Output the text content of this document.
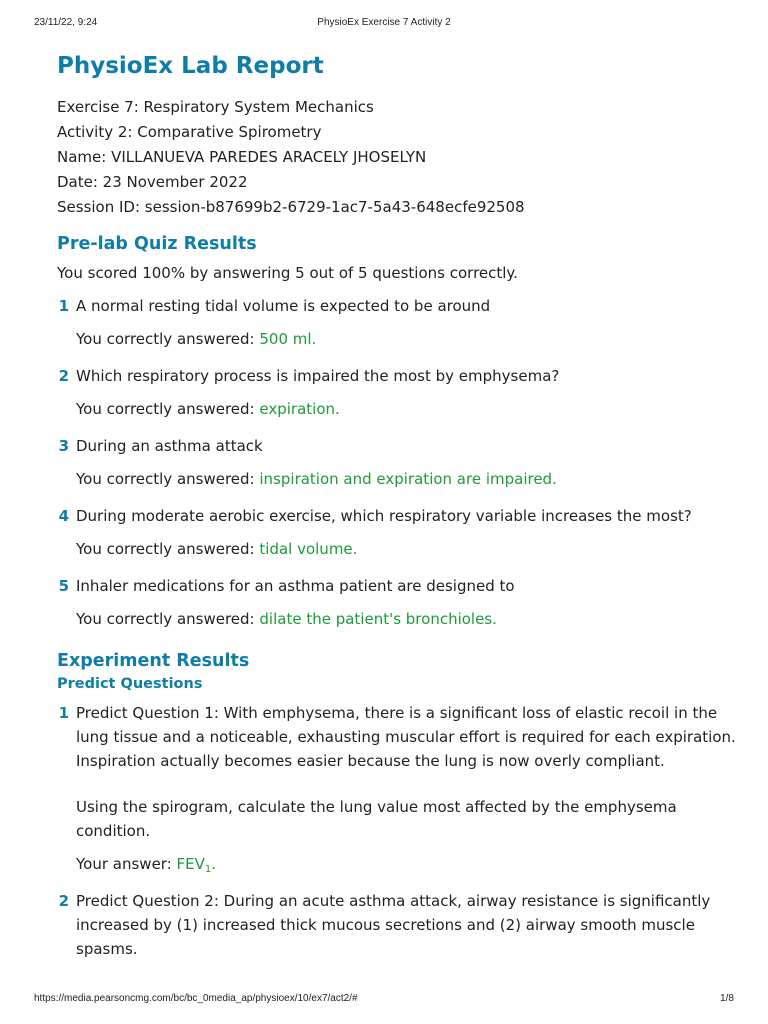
23/11/22, 9:24	PhysioEx Exercise 7 Activity 2
PhysioEx Lab Report
Exercise 7: Respiratory System Mechanics
Activity 2: Comparative Spirometry
Name: VILLANUEVA PAREDES ARACELY JHOSELYN
Date: 23 November 2022
Session ID: session-b87699b2-6729-1ac7-5a43-648ecfe92508
Pre-lab Quiz Results
You scored 100% by answering 5 out of 5 questions correctly.
1 A normal resting tidal volume is expected to be around
You correctly answered: 500 ml.
2 Which respiratory process is impaired the most by emphysema?
You correctly answered: expiration.
3 During an asthma attack
You correctly answered: inspiration and expiration are impaired.
4 During moderate aerobic exercise, which respiratory variable increases the most?
You correctly answered: tidal volume.
5 Inhaler medications for an asthma patient are designed to
You correctly answered: dilate the patient's bronchioles.
Experiment Results
Predict Questions
1 Predict Question 1: With emphysema, there is a significant loss of elastic recoil in the lung tissue and a noticeable, exhausting muscular effort is required for each expiration. Inspiration actually becomes easier because the lung is now overly compliant.
Using the spirogram, calculate the lung value most affected by the emphysema condition.
Your answer: $FEV_1$.
2 Predict Question 2: During an acute asthma attack, airway resistance is significantly increased by (1) increased thick mucous secretions and (2) airway smooth muscle spasms.
https://media.pearsoncmg.com/bc/bc_0media_ap/physioex/10/ex7/act2/#	1/8
